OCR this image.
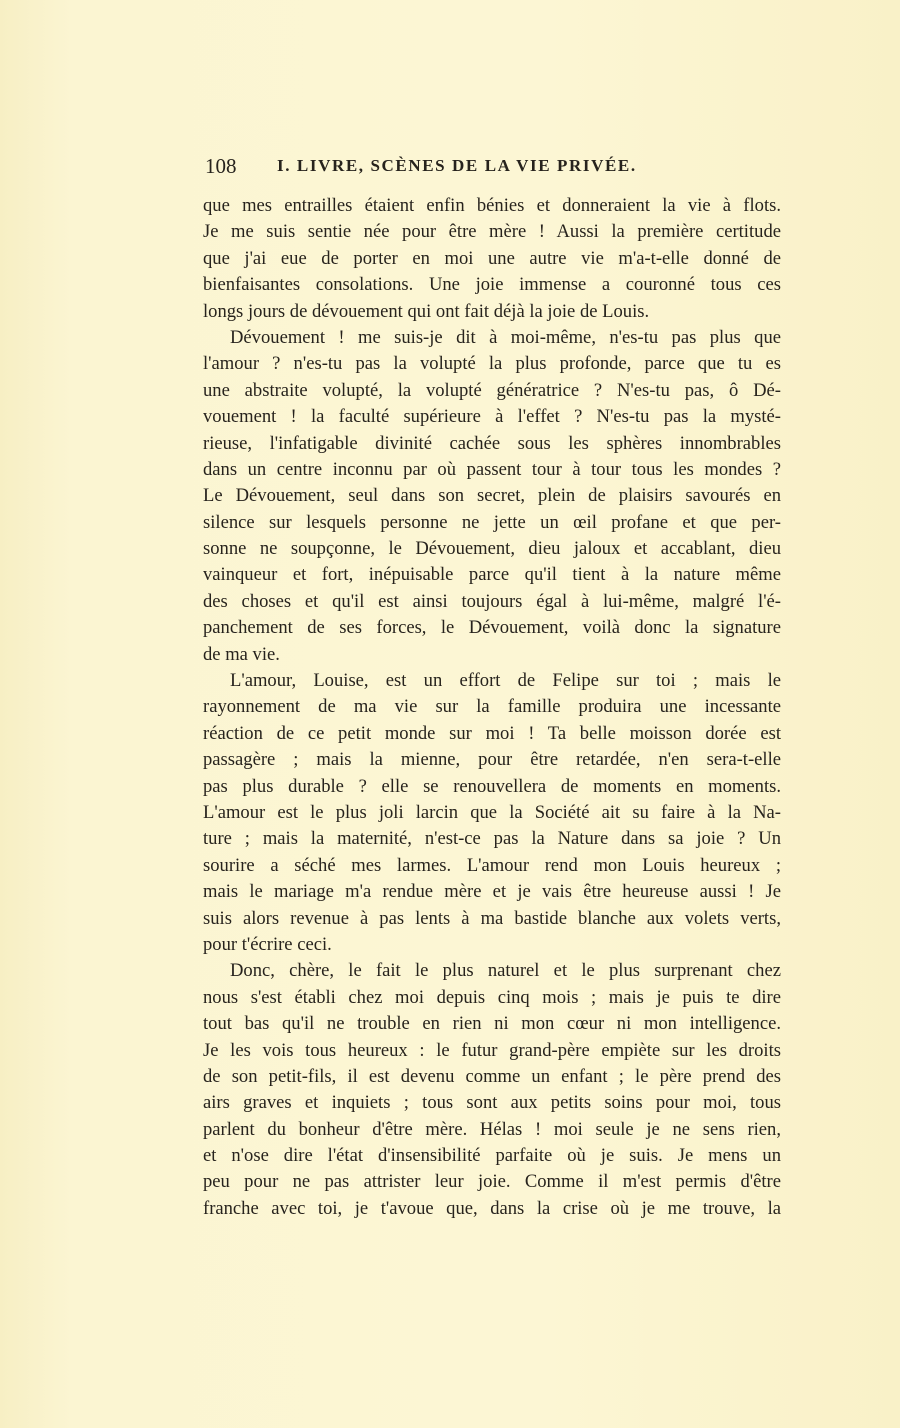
108 I. LIVRE, SCÈNES DE LA VIE PRIVÉE.
que mes entrailles étaient enfin bénies et donneraient la vie à flots.
Je me suis sentie née pour être mère ! Aussi la première certitude
que j'ai eue de porter en moi une autre vie m'a-t-elle donné de
bienfaisantes consolations. Une joie immense a couronné tous ces
longs jours de dévouement qui ont fait déjà la joie de Louis.
Dévouement ! me suis-je dit à moi-même, n'es-tu pas plus que
l'amour ? n'es-tu pas la volupté la plus profonde, parce que tu es
une abstraite volupté, la volupté génératrice ? N'es-tu pas, ô Dé-
vouement ! la faculté supérieure à l'effet ? N'es-tu pas la mysté-
rieuse, l'infatigable divinité cachée sous les sphères innombrables
dans un centre inconnu par où passent tour à tour tous les mondes ?
Le Dévouement, seul dans son secret, plein de plaisirs savourés en
silence sur lesquels personne ne jette un œil profane et que per-
sonne ne soupçonne, le Dévouement, dieu jaloux et accablant, dieu
vainqueur et fort, inépuisable parce qu'il tient à la nature même
des choses et qu'il est ainsi toujours égal à lui-même, malgré l'é-
panchement de ses forces, le Dévouement, voilà donc la signature
de ma vie.
L'amour, Louise, est un effort de Felipe sur toi ; mais le
rayonnement de ma vie sur la famille produira une incessante
réaction de ce petit monde sur moi ! Ta belle moisson dorée est
passagère ; mais la mienne, pour être retardée, n'en sera-t-elle
pas plus durable ? elle se renouvellera de moments en moments.
L'amour est le plus joli larcin que la Société ait su faire à la Na-
ture ; mais la maternité, n'est-ce pas la Nature dans sa joie ? Un
sourire a séché mes larmes. L'amour rend mon Louis heureux ;
mais le mariage m'a rendue mère et je vais être heureuse aussi ! Je
suis alors revenue à pas lents à ma bastide blanche aux volets verts,
pour t'écrire ceci.
Donc, chère, le fait le plus naturel et le plus surprenant chez
nous s'est établi chez moi depuis cinq mois ; mais je puis te dire
tout bas qu'il ne trouble en rien ni mon cœur ni mon intelligence.
Je les vois tous heureux : le futur grand-père empiète sur les droits
de son petit-fils, il est devenu comme un enfant ; le père prend des
airs graves et inquiets ; tous sont aux petits soins pour moi, tous
parlent du bonheur d'être mère. Hélas ! moi seule je ne sens rien,
et n'ose dire l'état d'insensibilité parfaite où je suis. Je mens un
peu pour ne pas attrister leur joie. Comme il m'est permis d'être
franche avec toi, je t'avoue que, dans la crise où je me trouve, la
